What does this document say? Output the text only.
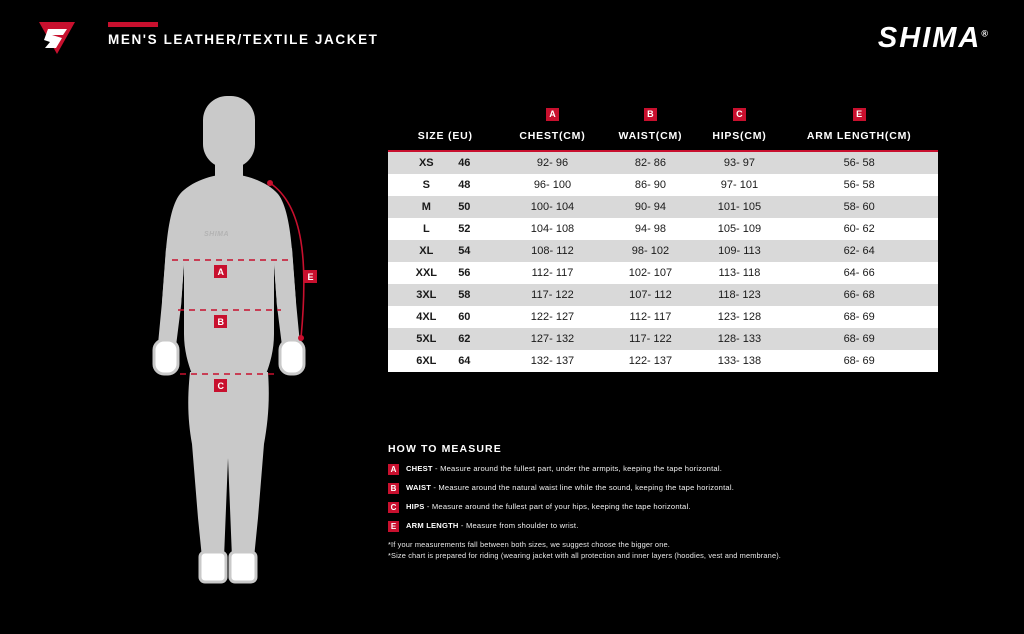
MEN'S LEATHER/TEXTILE JACKET	SHIMA®
SHIMA
A
B
C
E
	A	B	C	E
SIZE (EU)	CHEST(CM)	WAIST(CM)	HIPS(CM)	ARM LENGTH(CM)
XS 46	92- 96	82- 86	93- 97	56- 58
S 48	96- 100	86- 90	97- 101	56- 58
M 50	100- 104	90- 94	101- 105	58- 60
L 52	104- 108	94- 98	105- 109	60- 62
XL 54	108- 112	98- 102	109- 113	62- 64
XXL 56	112- 117	102- 107	113- 118	64- 66
3XL 58	117- 122	107- 112	118- 123	66- 68
4XL 60	122- 127	112- 117	123- 128	68- 69
5XL 62	127- 132	117- 122	128- 133	68- 69
6XL 64	132- 137	122- 137	133- 138	68- 69
HOW TO MEASURE
A	CHEST - Measure around the fullest part, under the armpits, keeping the tape horizontal.
B	WAIST - Measure around the natural waist line while the sound, keeping the tape horizontal.
C	HIPS - Measure around the fullest part of your hips, keeping the tape horizontal.
E	ARM LENGTH - Measure from shoulder to wrist.
*If your measurements fall between both sizes, we suggest choose the bigger one.
*Size chart is prepared for riding (wearing jacket with all protection and inner layers (hoodies, vest and membrane).
